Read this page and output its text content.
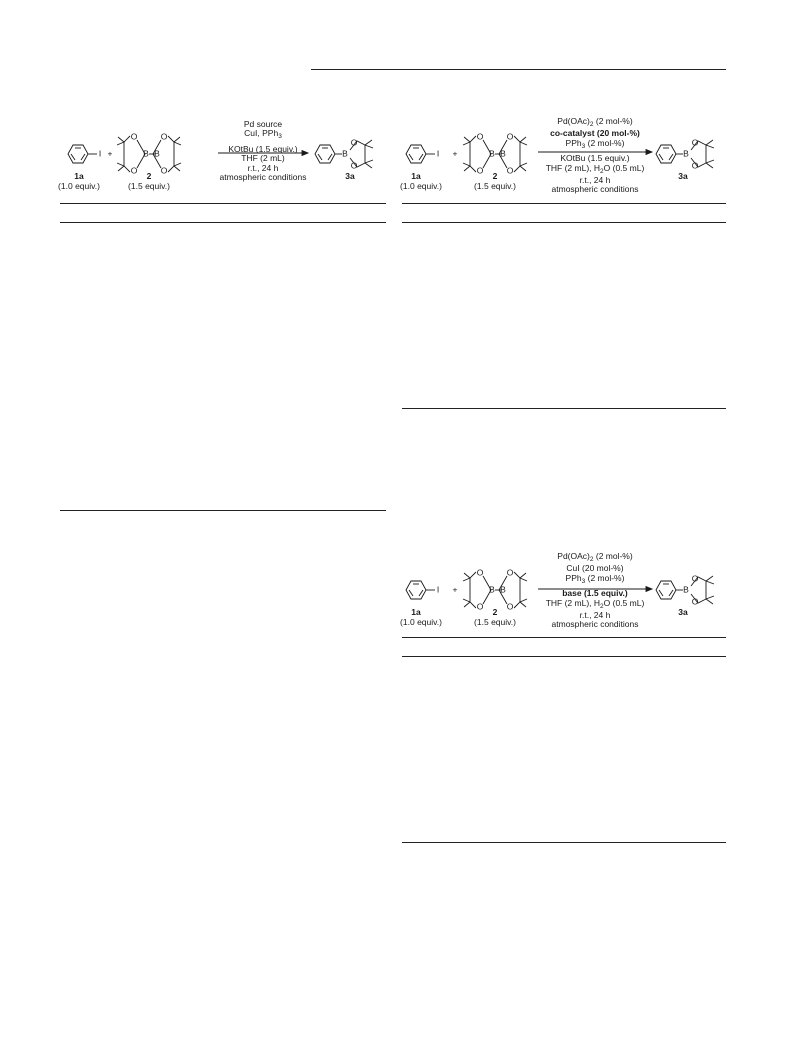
I +
O
O
O
O
B B	B
O
O
Pd source
CuI, PPh$_3$
KOtBu (1.5 equiv.)
THF (2 mL)
r.t., 24 h
atmospheric conditions
1a
(1.0 equiv.)
2
(1.5 equiv.)
3a
I +
O
O
O
O
B B	B
O
O
$Pd(OAc)_2$ (2 mol-%)
co-catalyst (20 mol-%)
PPh$_3$ (2 mol-%)
KOtBu (1.5 equiv.)
THF (2 mL), $H_2O$ (0.5 mL)
r.t., 24 h
atmospheric conditions
1a
(1.0 equiv.)
2
(1.5 equiv.)
3a
I +
O
O
O
O
B B	B
O
O
$Pd(OAc)_2$ (2 mol-%)
CuI (20 mol-%)
PPh$_3$ (2 mol-%)
base (1.5 equiv.)
THF (2 mL), $H_2O$ (0.5 mL)
r.t., 24 h
atmospheric conditions
1a
(1.0 equiv.)
2
(1.5 equiv.)
3a
